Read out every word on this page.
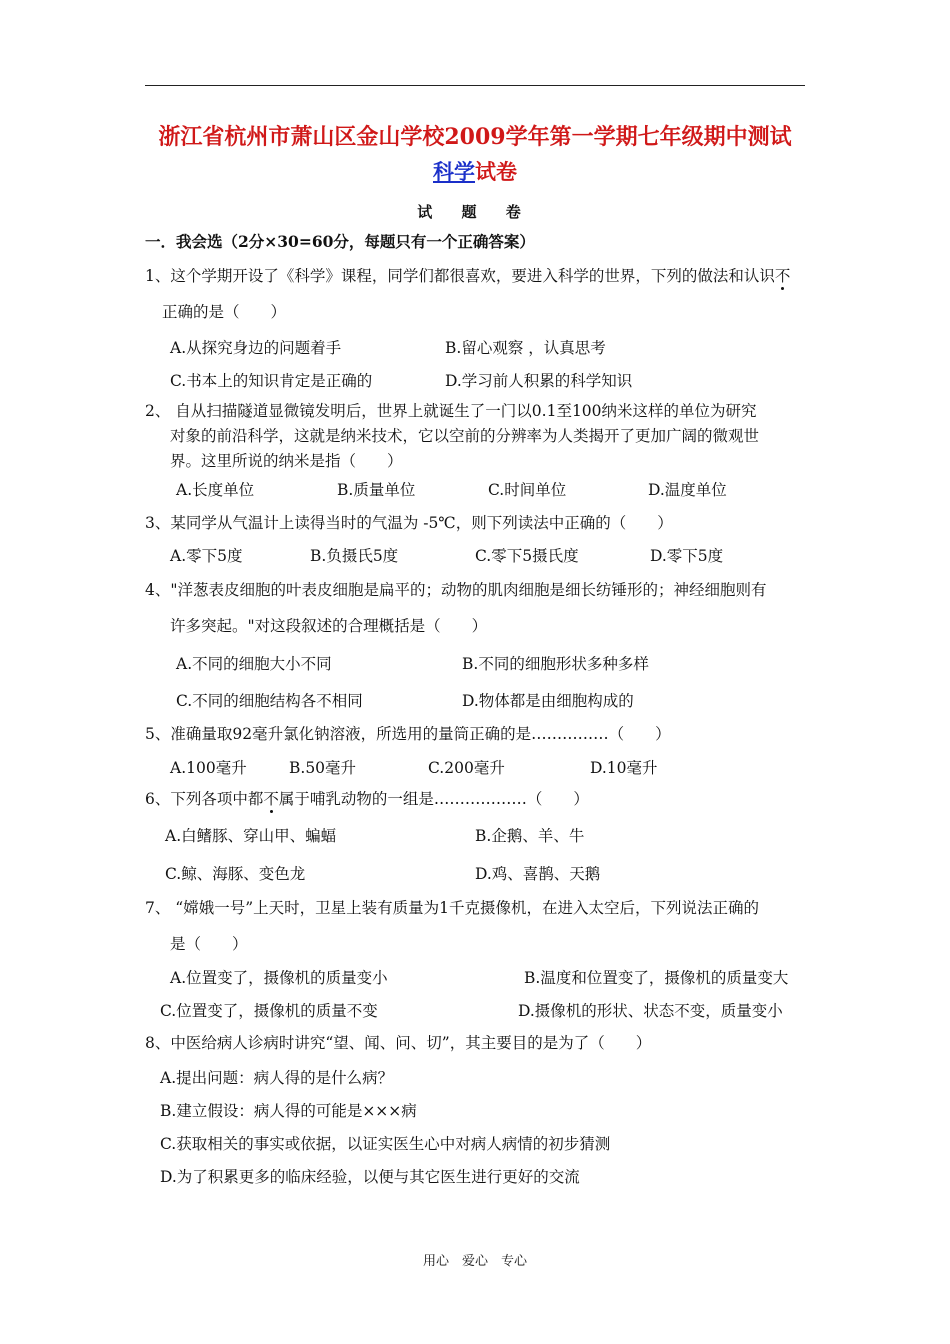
浙江省杭州市萧山区金山学校2009学年第一学期七年级期中测试
科学试卷
试 题 卷
一．我会选（2分×30=60分，每题只有一个正确答案）
1、这个学期开设了《科学》课程，同学们都很喜欢，要进入科学的世界，下列的做法和认识不
正确的是（　　）
A.从探究身边的问题着手	B.留心观察 ，认真思考
C.书本上的知识肯定是正确的	D.学习前人积累的科学知识
2、 自从扫描隧道显微镜发明后，世界上就诞生了一门以0.1至100纳米这样的单位为研究
对象的前沿科学，这就是纳米技术，它以空前的分辨率为人类揭开了更加广阔的微观世
界。这里所说的纳米是指（　　）
A.长度单位	B.质量单位	C.时间单位	D.温度单位
3、某同学从气温计上读得当时的气温为 -5℃，则下列读法中正确的（　　）
A.零下5度	B.负摄氏5度	C.零下5摄氏度	D.零下5度
4、"洋葱表皮细胞的叶表皮细胞是扁平的；动物的肌肉细胞是细长纺锤形的；神经细胞则有
许多突起。"对这段叙述的合理概括是（　　）
A.不同的细胞大小不同	B.不同的细胞形状多种多样
C.不同的细胞结构各不相同	D.物体都是由细胞构成的
5、准确量取92毫升氯化钠溶液，所选用的量筒正确的是……………（　　）
A.100毫升	B.50毫升	C.200毫升	D.10毫升
6、下列各项中都不属于哺乳动物的一组是………………（　　）
A.白鳍豚、穿山甲、蝙蝠	B.企鹅、羊、牛
C.鲸、海豚、变色龙	D.鸡、喜鹊、天鹅
7、 “嫦娥一号”上天时，卫星上装有质量为1千克摄像机，在进入太空后，下列说法正确的
是（　　）
A.位置变了，摄像机的质量变小	B.温度和位置变了，摄像机的质量变大
C.位置变了，摄像机的质量不变	D.摄像机的形状、状态不变，质量变小
8、中医给病人诊病时讲究“望、闻、问、切”，其主要目的是为了（　　）
A.提出问题：病人得的是什么病？
B.建立假设：病人得的可能是×××病
C.获取相关的事实或依据，以证实医生心中对病人病情的初步猜测
D.为了积累更多的临床经验，以便与其它医生进行更好的交流
用心　爱心　专心
